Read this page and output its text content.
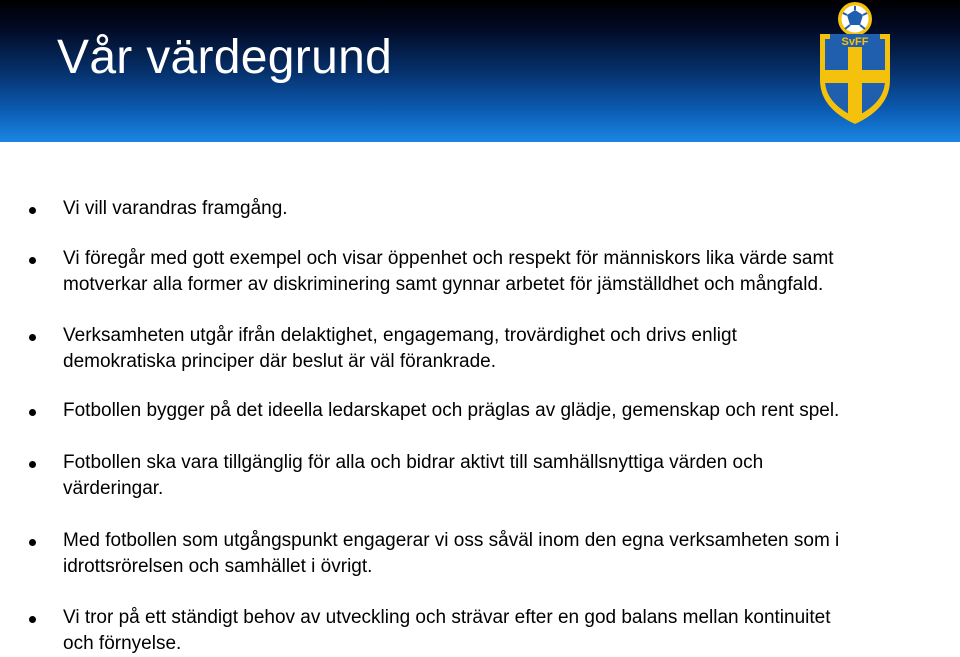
Vår värdegrund	SvFF
Vi vill varandras framgång.
Vi föregår med gott exempel och visar öppenhet och respekt för människors lika värde samt
motverkar alla former av diskriminering samt gynnar arbetet för jämställdhet och mångfald.
Verksamheten utgår ifrån delaktighet, engagemang, trovärdighet och drivs enligt
demokratiska principer där beslut är väl förankrade.
Fotbollen bygger på det ideella ledarskapet och präglas av glädje, gemenskap och rent spel.
Fotbollen ska vara tillgänglig för alla och bidrar aktivt till samhällsnyttiga värden och
värderingar.
Med fotbollen som utgångspunkt engagerar vi oss såväl inom den egna verksamheten som i
idrottsrörelsen och samhället i övrigt.
Vi tror på ett ständigt behov av utveckling och strävar efter en god balans mellan kontinuitet
och förnyelse.
